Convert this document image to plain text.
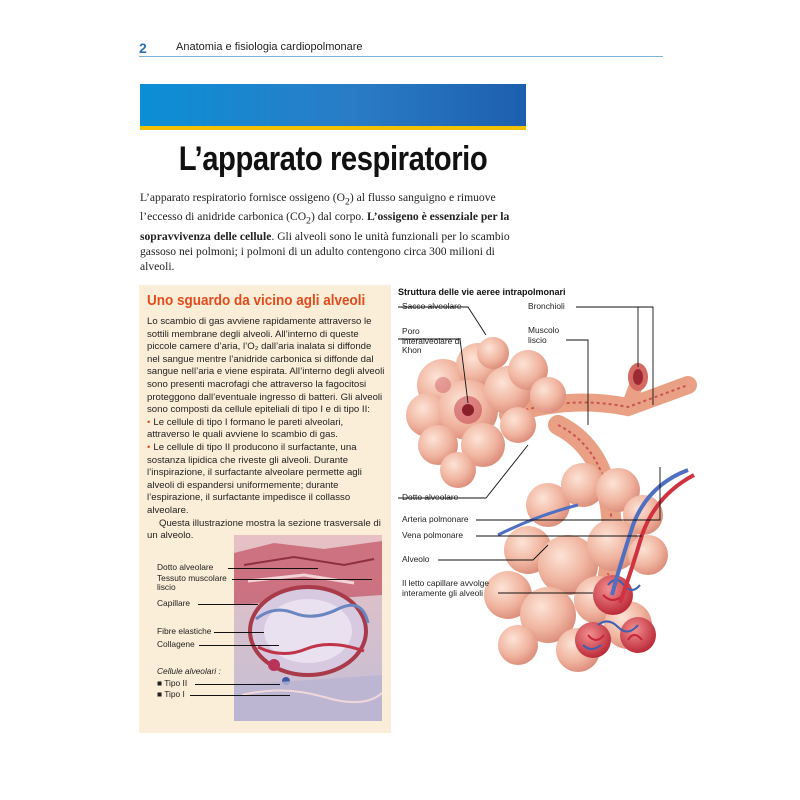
2	Anatomia e fisiologia cardiopolmonare
L’apparato respiratorio
L’apparato respiratorio fornisce ossigeno $(O_2)$ al flusso sanguigno e rimuove l’eccesso di anidride carbonica $(CO_2)$ dal corpo. L’ossigeno è essenziale per la sopravvivenza delle cellule. Gli alveoli sono le unità funzionali per lo scambio gassoso nei polmoni; i polmoni di un adulto contengono circa 300 milioni di alveoli.
Uno sguardo da vicino agli alveoli

Lo scambio di gas avviene rapidamente attraverso le sottili membrane degli alveoli. All’interno di queste piccole camere d’aria, l’O₂ dall’aria inalata si diffonde nel sangue mentre l’anidride carbonica si diffonde dal sangue nell’aria e viene espirata. All’interno degli alveoli sono presenti macrofagi che attraverso la fagocitosi proteggono dall’eventuale ingresso di batteri. Gli alveoli sono composti da cellule epiteliali di tipo I e di tipo II:

• Le cellule di tipo I formano le pareti alveolari, attraverso le quali avviene lo scambio di gas.
• Le cellule di tipo II producono il surfactante, una sostanza lipidica che riveste gli alveoli. Durante l’inspirazione, il surfactante alveolare permette agli alveoli di espandersi uniformemente; durante l’espirazione, il surfactante impedisce il collasso alveolare.

Questa illustrazione mostra la sezione trasversale di un alveolo.

Dotto alveolare
Tessuto muscolare liscio
Capillare
Fibre elastiche
Collagene
Cellule alveolari :
■ Tipo II
■ Tipo I
Struttura delle vie aeree intrapolmonari
Sacco alveolare
Poro interalveolare di Khon
Bronchioli
Muscolo liscio
Dotto alveolare
Arteria polmonare
Vena polmonare
Alveolo
Il letto capillare avvolge interamente gli alveoli
